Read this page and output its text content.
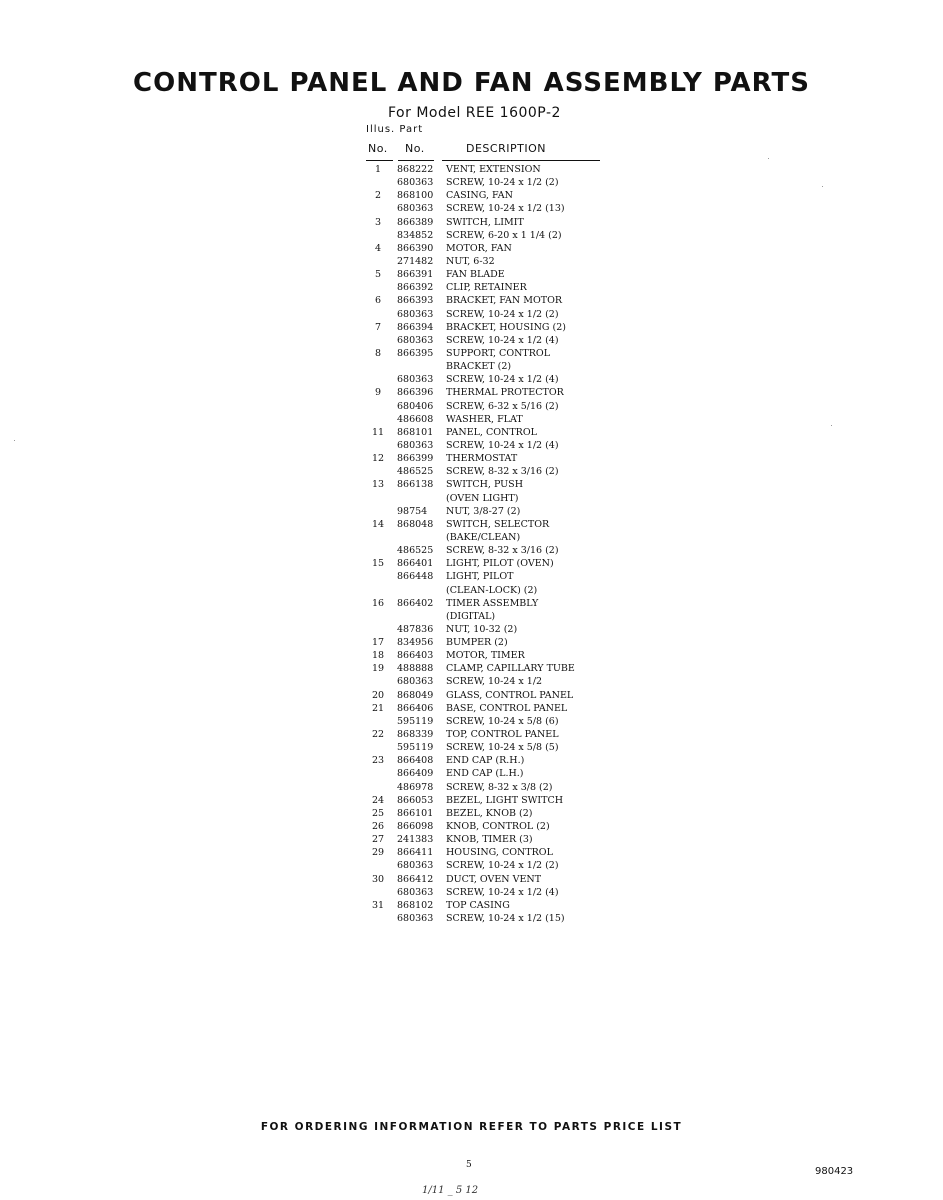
CONTROL PANEL AND FAN ASSEMBLY PARTS
For Model REE 1600P-2
Illus. Part
No. No.	DESCRIPTION
1	868222	VENT, EXTENSION
680363	SCREW, 10-24 x 1/2 (2)
2	868100	CASING, FAN
680363	SCREW, 10-24 x 1/2 (13)
3	866389	SWITCH, LIMIT
834852	SCREW, 6-20 x 1 1/4 (2)
4	866390	MOTOR, FAN
271482	NUT, 6-32
5	866391	FAN BLADE
866392	CLIP, RETAINER
6	866393	BRACKET, FAN MOTOR
680363	SCREW, 10-24 x 1/2 (2)
7	866394	BRACKET, HOUSING (2)
680363	SCREW, 10-24 x 1/2 (4)
8	866395	SUPPORT, CONTROL
BRACKET (2)
680363	SCREW, 10-24 x 1/2 (4)
9	866396	THERMAL PROTECTOR
680406	SCREW, 6-32 x 5/16 (2)
486608	WASHER, FLAT
11	868101	PANEL, CONTROL
680363	SCREW, 10-24 x 1/2 (4)
12	866399	THERMOSTAT
486525	SCREW, 8-32 x 3/16 (2)
13	866138	SWITCH, PUSH
(OVEN LIGHT)
98754	NUT, 3/8-27 (2)
14	868048	SWITCH, SELECTOR
(BAKE/CLEAN)
486525	SCREW, 8-32 x 3/16 (2)
15	866401	LIGHT, PILOT (OVEN)
866448	LIGHT, PILOT
(CLEAN-LOCK) (2)
16	866402	TIMER ASSEMBLY
(DIGITAL)
487836	NUT, 10-32 (2)
17	834956	BUMPER (2)
18	866403	MOTOR, TIMER
19	488888	CLAMP, CAPILLARY TUBE
680363	SCREW, 10-24 x 1/2
20	868049	GLASS, CONTROL PANEL
21	866406	BASE, CONTROL PANEL
595119	SCREW, 10-24 x 5/8 (6)
22	868339	TOP, CONTROL PANEL
595119	SCREW, 10-24 x 5/8 (5)
23	866408	END CAP (R.H.)
866409	END CAP (L.H.)
486978	SCREW, 8-32 x 3/8 (2)
24	866053	BEZEL, LIGHT SWITCH
25	866101	BEZEL, KNOB (2)
26	866098	KNOB, CONTROL (2)
27	241383	KNOB, TIMER (3)
29	866411	HOUSING, CONTROL
680363	SCREW, 10-24 x 1/2 (2)
30	866412	DUCT, OVEN VENT
680363	SCREW, 10-24 x 1/2 (4)
31	868102	TOP CASING
680363	SCREW, 10-24 x 1/2 (15)
FOR ORDERING INFORMATION REFER TO PARTS PRICE LIST
5
980423
1/11 _ 5 12
